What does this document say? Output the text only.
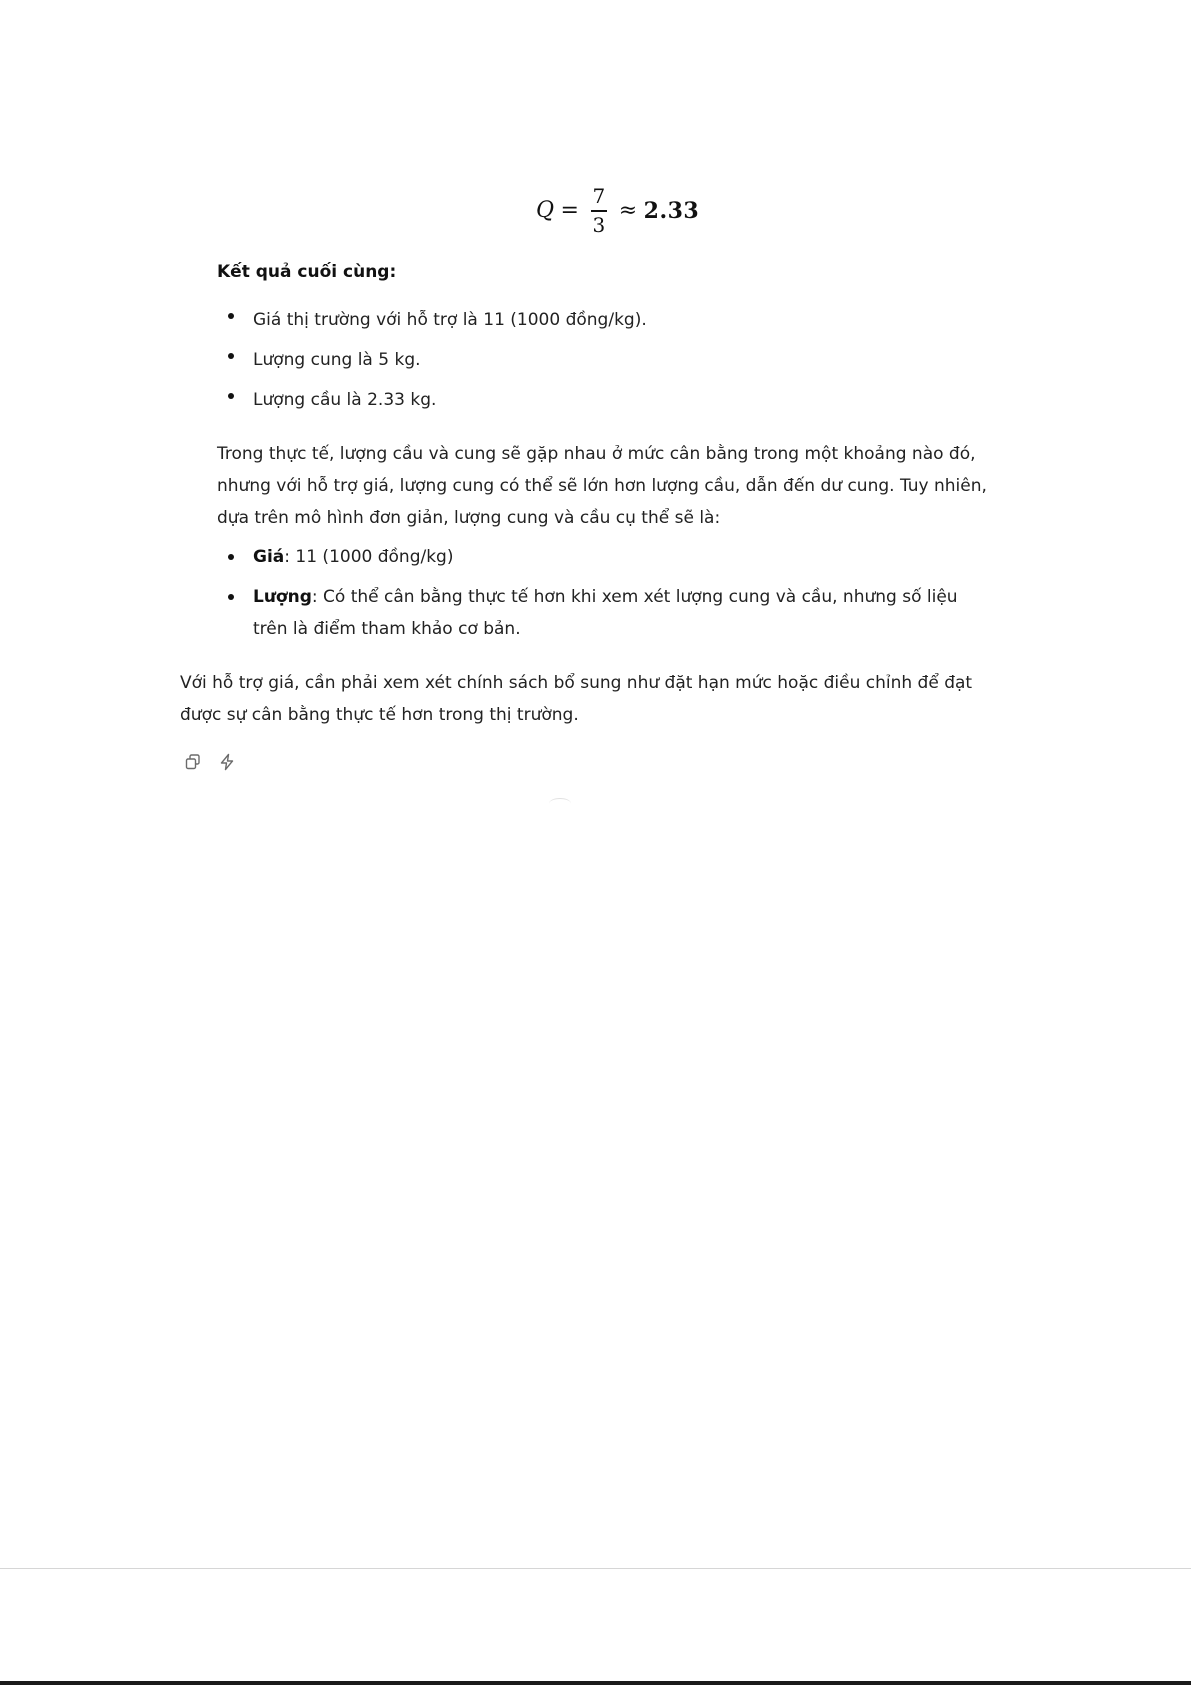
$Q = \frac{7}{3} \approx 2.33$
Kết quả cuối cùng:
Giá thị trường với hỗ trợ là 11 (1000 đồng/kg).
Lượng cung là 5 kg.
Lượng cầu là 2.33 kg.

Trong thực tế, lượng cầu và cung sẽ gặp nhau ở mức cân bằng trong một khoảng nào đó, nhưng với hỗ trợ giá, lượng cung có thể sẽ lớn hơn lượng cầu, dẫn đến dư cung. Tuy nhiên, dựa trên mô hình đơn giản, lượng cung và cầu cụ thể sẽ là:

Giá: 11 (1000 đồng/kg)
Lượng: Có thể cân bằng thực tế hơn khi xem xét lượng cung và cầu, nhưng số liệu trên là điểm tham khảo cơ bản.

Với hỗ trợ giá, cần phải xem xét chính sách bổ sung như đặt hạn mức hoặc điều chỉnh để đạt được sự cân bằng thực tế hơn trong thị trường.
